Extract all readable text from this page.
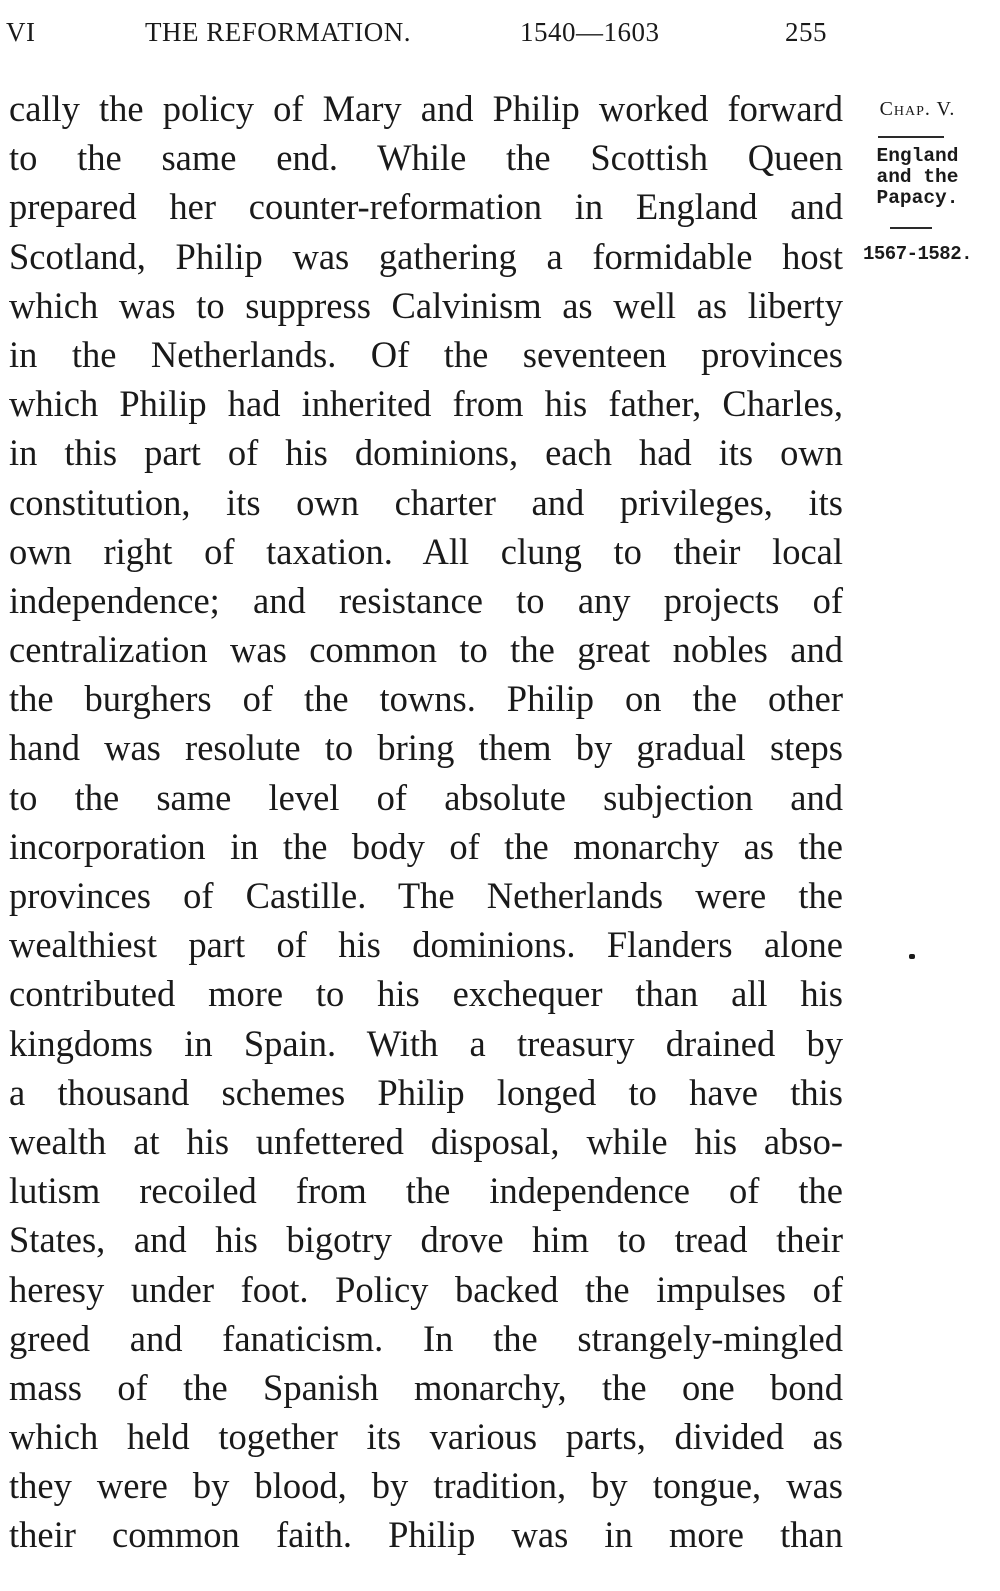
VI	THE REFORMATION.	1540—1603	255
cally the policy of Mary and Philip worked forward
to the same end. While the Scottish Queen
prepared her counter-reformation in England and
Scotland, Philip was gathering a formidable host
which was to suppress Calvinism as well as liberty
in the Netherlands. Of the seventeen provinces
which Philip had inherited from his father, Charles,
in this part of his dominions, each had its own
constitution, its own charter and privileges, its
own right of taxation. All clung to their local
independence; and resistance to any projects of
centralization was common to the great nobles and
the burghers of the towns. Philip on the other
hand was resolute to bring them by gradual steps
to the same level of absolute subjection and
incorporation in the body of the monarchy as the
provinces of Castille. The Netherlands were the
wealthiest part of his dominions. Flanders alone
contributed more to his exchequer than all his
kingdoms in Spain. With a treasury drained by
a thousand schemes Philip longed to have this
wealth at his unfettered disposal, while his abso-
lutism recoiled from the independence of the
States, and his bigotry drove him to tread their
heresy under foot. Policy backed the impulses of
greed and fanaticism. In the strangely-mingled
mass of the Spanish monarchy, the one bond
which held together its various parts, divided as
they were by blood, by tradition, by tongue, was
their common faith. Philip was in more than
Chap. V.
England
and the
Papacy.
1567-1582.
